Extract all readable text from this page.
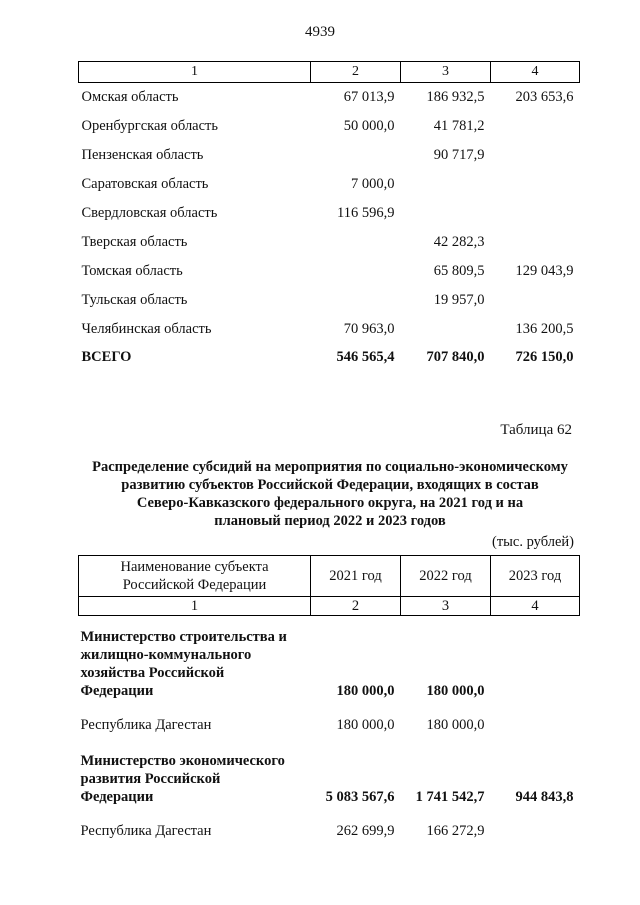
4939
1	2	3	4
Омская область	67 013,9	186 932,5	203 653,6
Оренбургская область	50 000,0	41 781,2	
Пензенская область		90 717,9	
Саратовская область	7 000,0		
Свердловская область	116 596,9		
Тверская область		42 282,3	
Томская область		65 809,5	129 043,9
Тульская область		19 957,0	
Челябинская область	70 963,0		136 200,5
ВСЕГО	546 565,4	707 840,0	726 150,0
Таблица 62
Распределение субсидий на мероприятия по социально-экономическому
развитию субъектов Российской Федерации, входящих в состав
Северо-Кавказского федерального округа, на 2021 год и на
плановый период 2022 и 2023 годов
(тыс. рублей)
Наименование субъекта
Российской Федерации	2021 год	2022 год	2023 год
1	2	3	4

Министерство строительства и
жилищно-коммунального
хозяйства Российской
Федерации	180 000,0	180 000,0	
Республика Дагестан	180 000,0	180 000,0	

Министерство экономического
развития Российской
Федерации	5 083 567,6	1 741 542,7	944 843,8
Республика Дагестан	262 699,9	166 272,9	
